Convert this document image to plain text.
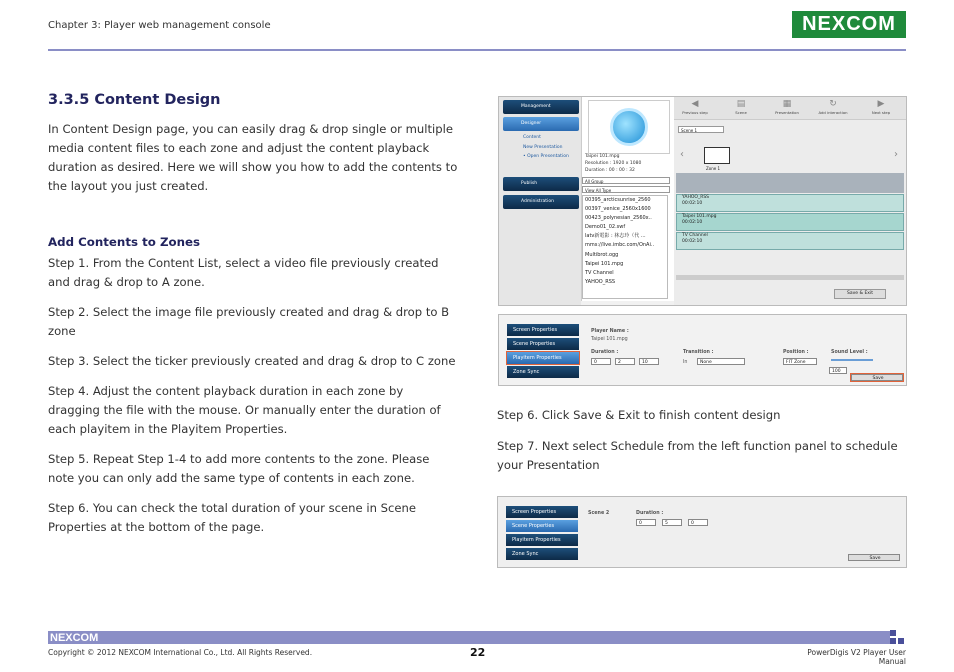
Chapter 3: Player web management console	NEXCOM
3.3.5 Content Design
In Content Design page, you can easily drag & drop single or multiple media content files to each zone and adjust the content playback duration as desired. Here we will show you how to add the contents to the layout you just created.
Add Contents to Zones

Step 1. From the Content List, select a video file previously created and drag & drop to A zone.

Step 2. Select the image file previously created and drag & drop to B zone

Step 3. Select the ticker previously created and drag & drop to C zone

Step 4. Adjust the content playback duration in each zone by dragging the file with the mouse. Or manually enter the duration of each playitem in the Playitem Properties.

Step 5. Repeat Step 1-4 to add more contents to the zone. Please note you can only add the same type of contents in each zone.

Step 6. You can check the total duration of your scene in Scene Properties at the bottom of the page.

Management
Designer
Content
New Presentation
• Open Presentation
Publish
Administration
Taipei 101.mpg
Resolution : 1920 x 1080
Duration : 00 : 00 : 32
All Group
View All Type
00395_arcticsunrise_2560
00397_venice_2560x1600
00423_polynesian_2560x..
Demo01_02.swf
latv新電影 : 林志玲（代 ...
mms://live.imbc.com/OnAi..
Multibrot.ogg
Taipei 101.mpg
TV Channel
YAHOO_RSS
◀
Previous step
▤
Scene
▦
Presentation
↻
Add interaction
▶
Next step
Scene 1
‹
Zone 1
›
YAHOO_RSS
00:02:10
Taipei 101.mpg
00:02:10
TV Channel
00:02:10
Save & Exit
Screen Properties
Scene Properties
Playitem Properties
Zone Sync
Player Name :
Taipei 101.mpg
Duration :
0	2	10
Transition :
In	None
Position :
FIT Zone
Sound Level :
100
Save

Step 6. Click Save & Exit to finish content design

Step 7. Next select Schedule from the left function panel to schedule your Presentation

Screen Properties
Scene Properties
Playitem Properties
Zone Sync
Scene 2	Duration :
0	5	0
Save
NEXCOM
Copyright © 2012 NEXCOM International Co., Ltd. All Rights Reserved.	22	PowerDigis V2 Player User Manual
